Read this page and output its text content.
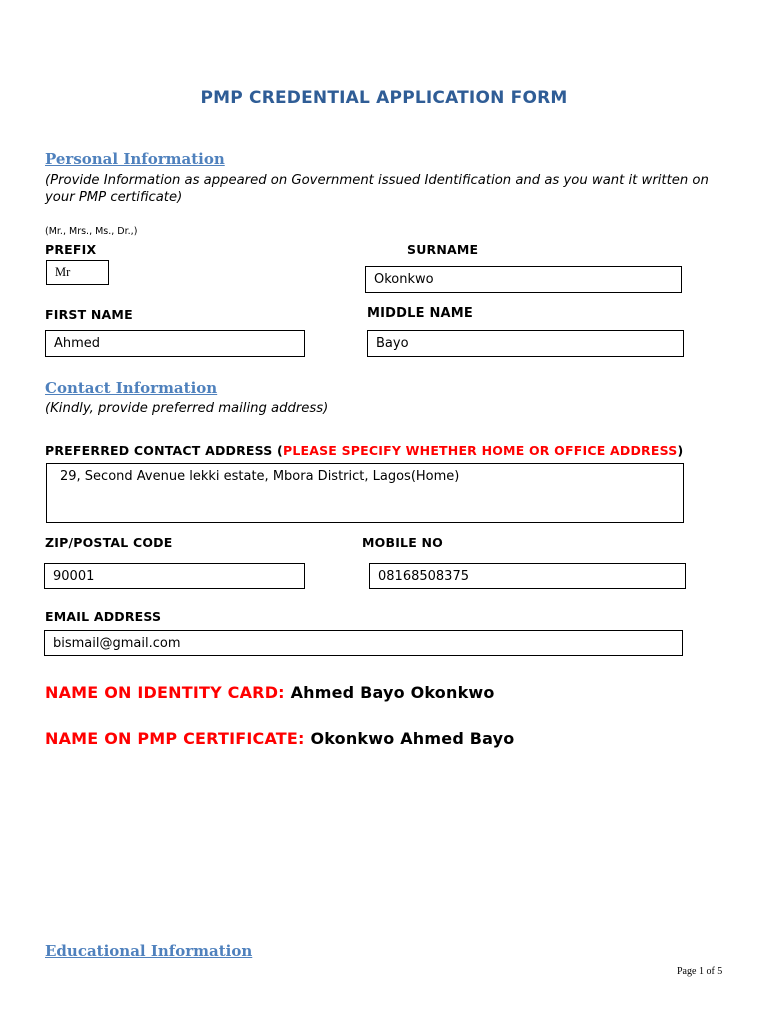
PMP CREDENTIAL APPLICATION FORM
Personal Information
(Provide Information as appeared on Government issued Identification and as you want it written on your PMP certificate)
(Mr., Mrs., Ms., Dr.,)
PREFIX	SURNAME
Mr	Okonkwo
FIRST NAME	MIDDLE NAME
Ahmed	Bayo
Contact Information
(Kindly, provide preferred mailing address)
PREFERRED CONTACT ADDRESS (PLEASE SPECIFY WHETHER HOME OR OFFICE ADDRESS)
29, Second Avenue lekki estate, Mbora District, Lagos(Home)
ZIP/POSTAL CODE	MOBILE NO
90001	08168508375
EMAIL ADDRESS
bismail@gmail.com
NAME ON IDENTITY CARD: Ahmed Bayo Okonkwo
NAME ON PMP CERTIFICATE: Okonkwo Ahmed Bayo
Educational Information
Page 1 of 5
